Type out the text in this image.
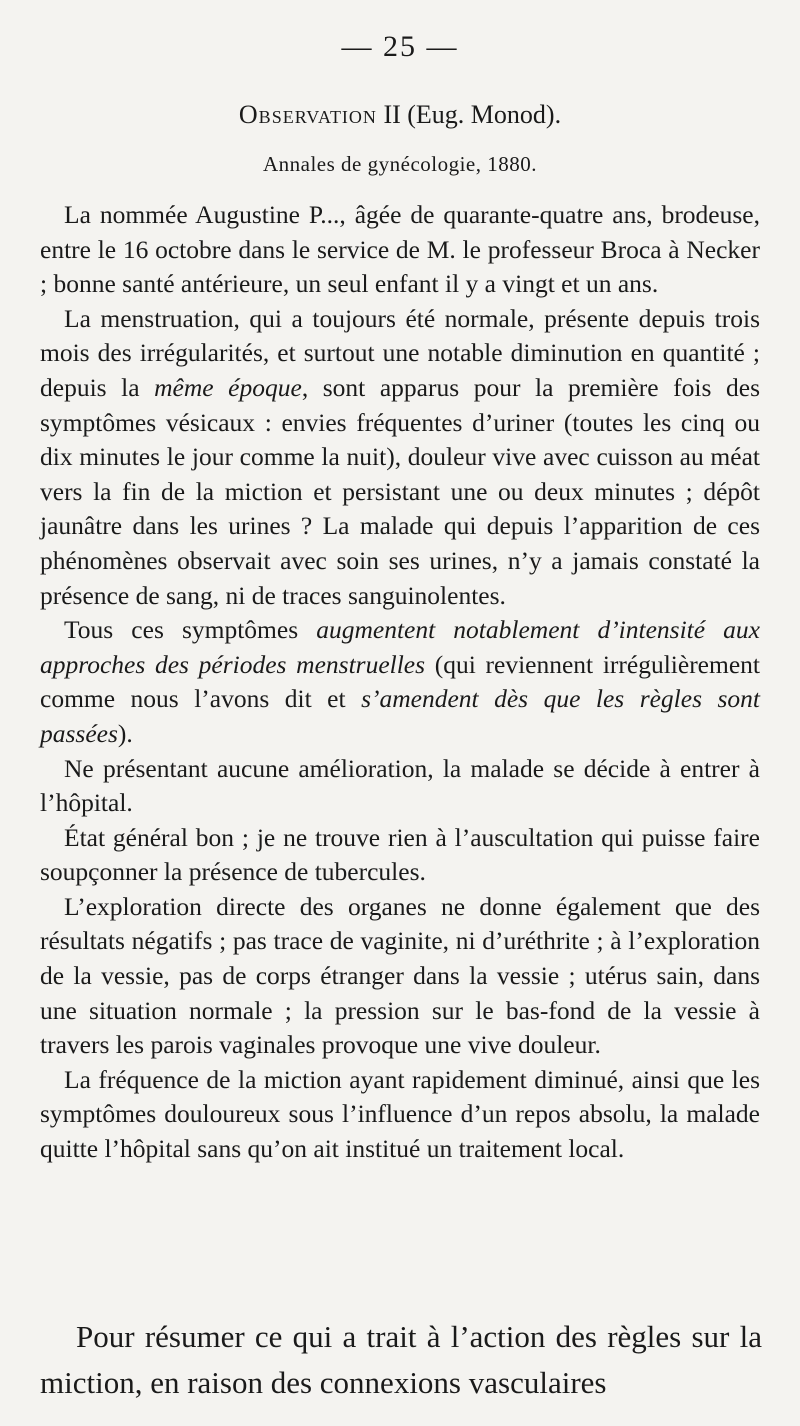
— 25 —
Observation II (Eug. Monod).
Annales de gynécologie, 1880.

La nommée Augustine P..., âgée de quarante-quatre ans, brodeuse, entre le 16 octobre dans le service de M. le professeur Broca à Necker ; bonne santé antérieure, un seul enfant il y a vingt et un ans.

La menstruation, qui a toujours été normale, présente depuis trois mois des irrégularités, et surtout une notable diminution en quantité ; depuis la même époque, sont apparus pour la première fois des symptômes vésicaux : envies fréquentes d’uriner (toutes les cinq ou dix minutes le jour comme la nuit), douleur vive avec cuisson au méat vers la fin de la miction et persistant une ou deux minutes ; dépôt jaunâtre dans les urines ? La malade qui depuis l’apparition de ces phénomènes observait avec soin ses urines, n’y a jamais constaté la présence de sang, ni de traces sanguinolentes.

Tous ces symptômes augmentent notablement d’intensité aux approches des périodes menstruelles (qui reviennent irrégulièrement comme nous l’avons dit et s’amendent dès que les règles sont passées).

Ne présentant aucune amélioration, la malade se décide à entrer à l’hôpital.

État général bon ; je ne trouve rien à l’auscultation qui puisse faire soupçonner la présence de tubercules.

L’exploration directe des organes ne donne également que des résultats négatifs ; pas trace de vaginite, ni d’uréthrite ; à l’exploration de la vessie, pas de corps étranger dans la vessie ; utérus sain, dans une situation normale ; la pression sur le bas-fond de la vessie à travers les parois vaginales provoque une vive douleur.

La fréquence de la miction ayant rapidement diminué, ainsi que les symptômes douloureux sous l’influence d’un repos absolu, la malade quitte l’hôpital sans qu’on ait institué un traitement local.

Pour résumer ce qui a trait à l’action des règles sur la miction, en raison des connexions vasculaires
